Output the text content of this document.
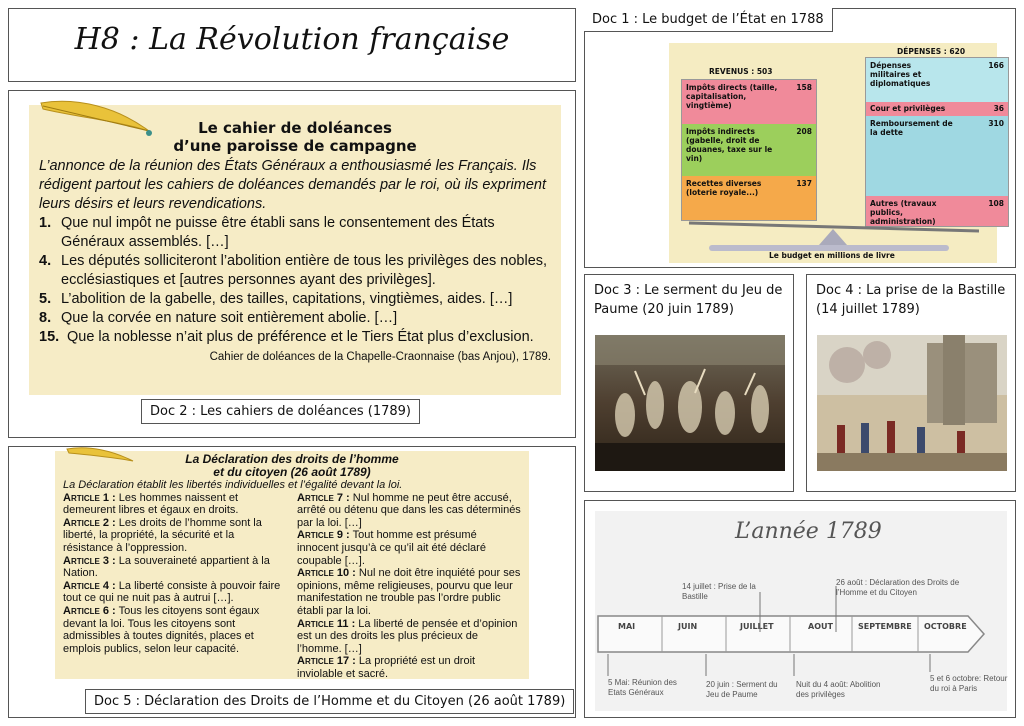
H8 : La Révolution française
Le cahier de doléances
d’une paroisse de campagne
L’annonce de la réunion des États Généraux a enthousiasmé les Français. Ils rédigent partout les cahiers de doléances demandés par le roi, où ils expriment leurs désirs et leurs revendications.
1. Que nul impôt ne puisse être établi sans le consentement des États Généraux assemblés. […]
4. Les députés solliciteront l’abolition entière de tous les privilèges des nobles, ecclésiastiques et [autres personnes ayant des privilèges].
5. L’abolition de la gabelle, des tailles, capitations, vingtièmes, aides. […]
8. Que la corvée en nature soit entièrement abolie. […]
15. Que la noblesse n’ait plus de préférence et le Tiers État plus d’exclusion.
Cahier de doléances de la Chapelle-Craonnaise (bas Anjou), 1789.
Doc 2 : Les cahiers de doléances (1789)
La Déclaration des droits de l’homme
et du citoyen (26 août 1789)
La Déclaration établit les libertés individuelles et l’égalité devant la loi.
Article 1 : Les hommes naissent et demeurent libres et égaux en droits.
Article 2 : Les droits de l’homme sont la liberté, la propriété, la sécurité et la résistance à l’oppression.
Article 3 : La souveraineté appartient à la Nation.
Article 4 : La liberté consiste à pouvoir faire tout ce qui ne nuit pas à autrui […].
Article 6 : Tous les citoyens sont égaux devant la loi. Tous les citoyens sont admissibles à toutes dignités, places et emplois publics, selon leur capacité.
Article 7 : Nul homme ne peut être accusé, arrêté ou détenu que dans les cas déterminés par la loi. […]
Article 9 : Tout homme est présumé innocent jusqu’à ce qu’il ait été déclaré coupable […].
Article 10 : Nul ne doit être inquiété pour ses opinions, même religieuses, pourvu que leur manifestation ne trouble pas l’ordre public établi par la loi.
Article 11 : La liberté de pensée et d’opinion est un des droits les plus précieux de l’homme. […]
Article 17 : La propriété est un droit inviolable et sacré.
Doc 5 : Déclaration des Droits de l’Homme et du Citoyen (26 août 1789)
Doc 1 : Le budget de l’État en 1788
REVENUS : 503
Impôts directs (taille, capitalisation, vingtième)
158
Impôts indirects (gabelle, droit de douanes, taxe sur le vin)
208
Recettes diverses (loterie royale...)
137
DÉPENSES : 620
Dépenses militaires et diplomatiques
166
Cour et privilèges	36
Remboursement de la dette
310
Autres (travaux publics, administration)
108
Le budget en millions de livre
Doc 3 : Le serment du Jeu de Paume (20 juin 1789)
Doc 4 : La prise de la Bastille (14 juillet 1789)
L’année 1789
MAI	JUIN	JUILLET	AOUT	SEPTEMBRE OCTOBRE
14 juillet : Prise de la Bastille
26 août : Déclaration des Droits de l’Homme et du Citoyen
5 Mai: Réunion des Etats Généraux
20 juin : Serment du Jeu de Paume
Nuit du 4 août: Abolition des privilèges
5 et 6 octobre: Retour du roi à Paris
